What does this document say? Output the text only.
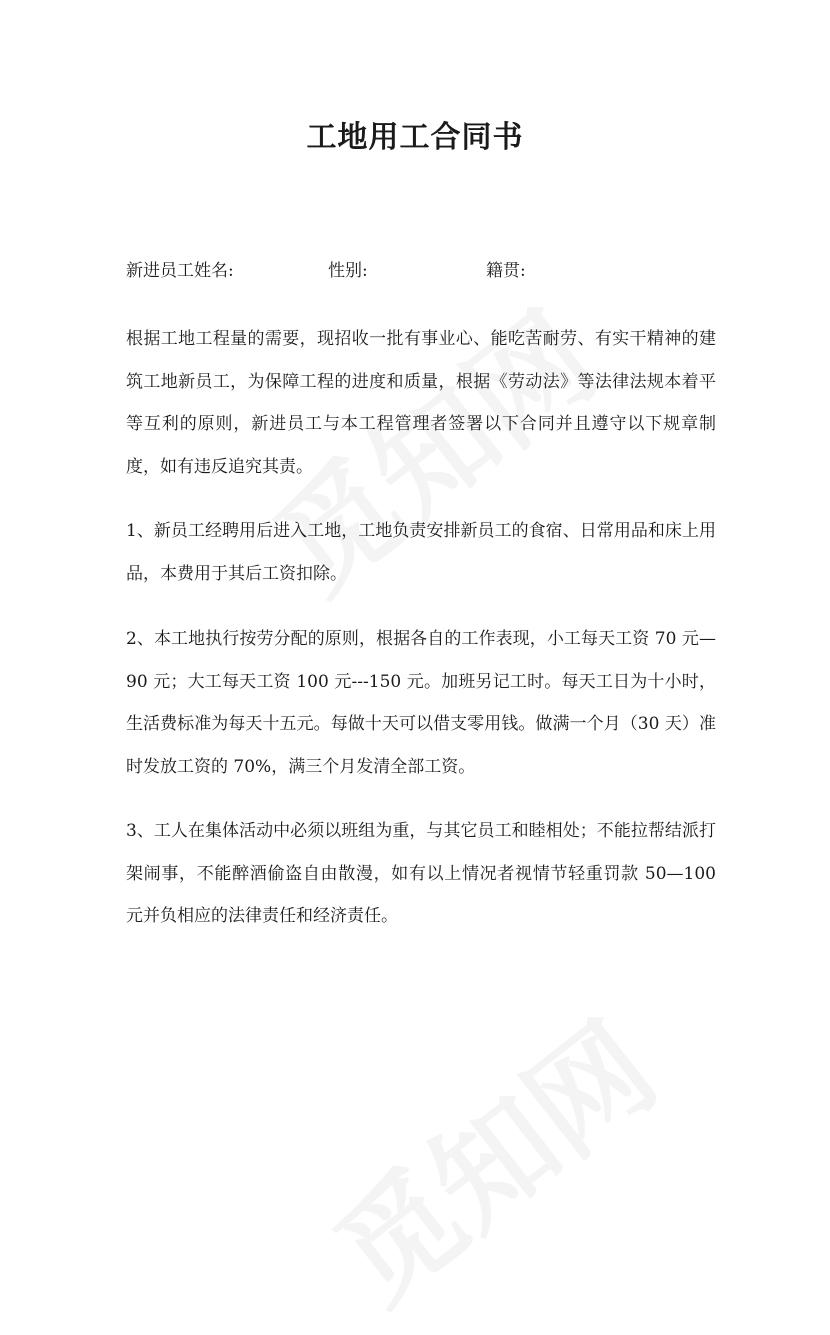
工地用工合同书
新进员工姓名:	性别:	籍贯:

根据工地工程量的需要，现招收一批有事业心、能吃苦耐劳、有实干精神的建筑工地新员工，为保障工程的进度和质量，根据《劳动法》等法律法规本着平等互利的原则，新进员工与本工程管理者签署以下合同并且遵守以下规章制度，如有违反追究其责。

1、新员工经聘用后进入工地，工地负责安排新员工的食宿、日常用品和床上用品，本费用于其后工资扣除。

2、本工地执行按劳分配的原则，根据各自的工作表现，小工每天工资 70 元—90 元；大工每天工资 100 元---150 元。加班另记工时。每天工日为十小时，生活费标准为每天十五元。每做十天可以借支零用钱。做满一个月（30 天）准时发放工资的 70%，满三个月发清全部工资。

3、工人在集体活动中必须以班组为重，与其它员工和睦相处；不能拉帮结派打架闹事，不能醉酒偷盗自由散漫，如有以上情况者视情节轻重罚款 50—100 元并负相应的法律责任和经济责任。
